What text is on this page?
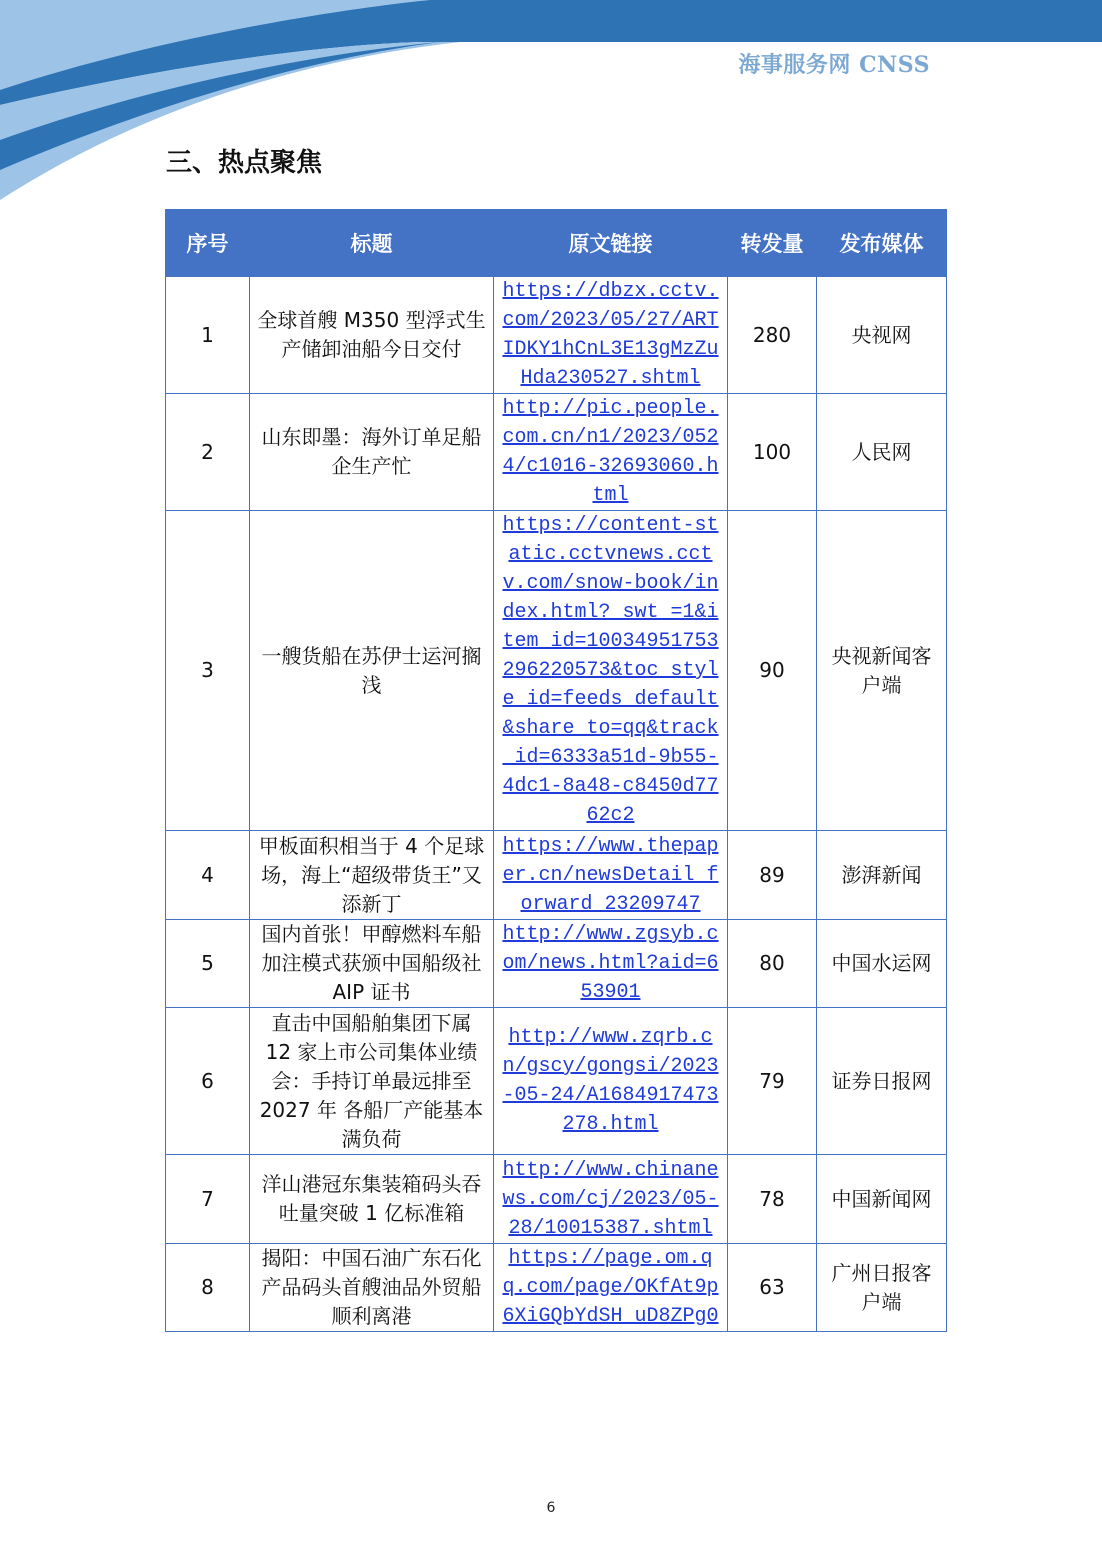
海事服务网 CNSS
三、热点聚焦
序号	标题	原文链接	转发量	发布媒体
1	全球首艘 M350 型浮式生产储卸油船今日交付	https://dbzx.cctv.com/2023/05/27/ARTIDKY1hCnL3E13gMzZuHda230527.shtml	280	央视网
2	山东即墨：海外订单足船企生产忙	http://pic.people.com.cn/n1/2023/0524/c1016-32693060.html	100	人民网
3	一艘货船在苏伊士运河搁浅	https://content-static.cctvnews.cctv.com/snow-book/index.html?_swt_=1&item_id=10034951753296220573&toc_style_id=feeds_default&share_to=qq&track_id=6333a51d-9b55-4dc1-8a48-c8450d7762c2	90	央视新闻客户端
4	甲板面积相当于 4 个足球场，海上“超级带货王”又添新丁	https://www.thepaper.cn/newsDetail_forward_23209747	89	澎湃新闻
5	国内首张！甲醇燃料车船加注模式获颁中国船级社 AIP 证书	http://www.zgsyb.com/news.html?aid=653901	80	中国水运网
6	直击中国船舶集团下属 12 家上市公司集体业绩会：手持订单最远排至 2027 年 各船厂产能基本满负荷	http://www.zqrb.cn/gscy/gongsi/2023-05-24/A1684917473278.html	79	证券日报网
7	洋山港冠东集装箱码头吞吐量突破 1 亿标准箱	http://www.chinanews.com/cj/2023/05-28/10015387.shtml	78	中国新闻网
8	揭阳：中国石油广东石化产品码头首艘油品外贸船顺利离港	https://page.om.qq.com/page/OKfAt9p6XiGQbYdSH_uD8ZPg0	63	广州日报客户端
6
